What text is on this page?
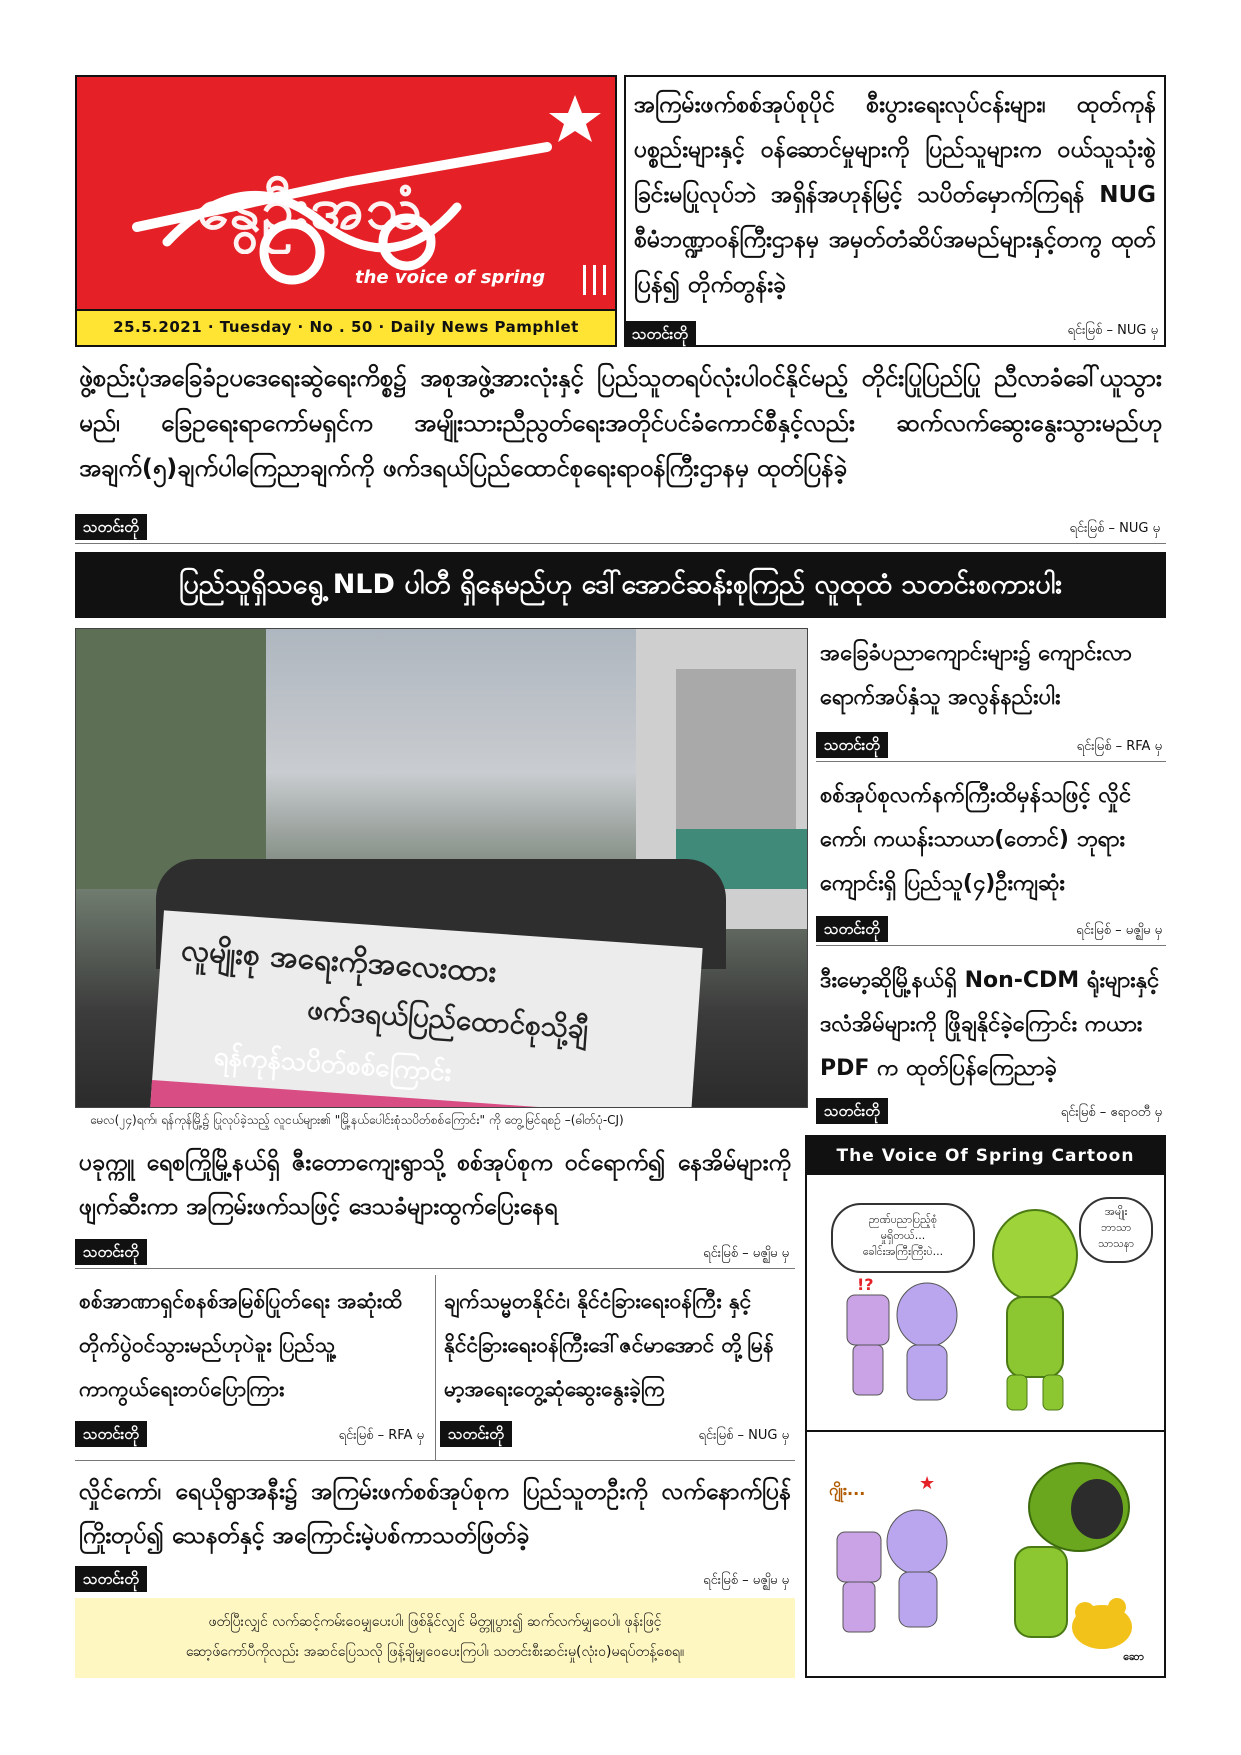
နွေဦးအသံ
the voice of spring
25.5.2021 · Tuesday · No . 50 · Daily News Pamphlet
အကြမ်းဖက်စစ်အုပ်စုပိုင် စီးပွားရေးလုပ်ငန်းများ၊ ထုတ်ကုန်ပစ္စည်းများနှင့် ဝန်ဆောင်မှုများကို ပြည်သူများက ဝယ်သူသုံးစွဲခြင်းမပြုလုပ်ဘဲ အရှိန်အဟုန်မြင့် သပိတ်မှောက်ကြရန် NUG စီမံဘဏ္ဍာဝန်ကြီးဌာနမှ အမှတ်တံဆိပ်အမည်များနှင့်တကွ ထုတ်ပြန်၍ တိုက်တွန်းခဲ့
သတင်းတို	ရင်းမြစ် – NUG မှ
ဖွဲ့စည်းပုံအခြေခံဥပဒေရေးဆွဲရေးကိစ္စ၌ အစုအဖွဲ့အားလုံးနှင့် ပြည်သူတရပ်လုံးပါဝင်နိုင်မည့် တိုင်းပြုပြည်ပြု ညီလာခံခေါ်ယူသွားမည်၊ ခြေဥရေးရာကော်မရှင်က အမျိုးသားညီညွတ်ရေးအတိုင်ပင်ခံကောင်စီနှင့်လည်း ဆက်လက်ဆွေးနွေးသွားမည်ဟု အချက်(၅)ချက်ပါကြေညာချက်ကို ဖက်ဒရယ်ပြည်ထောင်စုရေးရာဝန်ကြီးဌာနမှ ထုတ်ပြန်ခဲ့
သတင်းတို	ရင်းမြစ် – NUG မှ
ပြည်သူရှိသရွေ့ NLD ပါတီ ရှိနေမည်ဟု ဒေါ်အောင်ဆန်းစုကြည် လူထုထံ သတင်းစကားပါး
လူမျိုးစု အရေးကိုအလေးထား
ဖက်ဒရယ်ပြည်ထောင်စုသို့ချီ
ရန်ကုန်သပိတ်စစ်ကြောင်း
မေလ(၂၄)ရက်၊ ရန်ကုန်မြို့၌ ပြုလုပ်ခဲ့သည့် လူငယ်များ၏ "မြို့နယ်ပေါင်းစုံသပိတ်စစ်ကြောင်း" ကို တွေ့မြင်ရစဉ် –(ဓါတ်ပုံ-CJ)
အခြေခံပညာကျောင်းများ၌ ကျောင်းလာရောက်အပ်နှံသူ အလွန်နည်းပါး
သတင်းတို	ရင်းမြစ် – RFA မှ
စစ်အုပ်စုလက်နက်ကြီးထိမှန်သဖြင့် လှိုင်ကော်၊ ကယန်းသာယာ(တောင်) ဘုရားကျောင်းရှိ ပြည်သူ(၄)ဦးကျဆုံး
သတင်းတို	ရင်းမြစ် – မဇ္ဈိမ မှ
ဒီးမော့ဆိုမြို့နယ်ရှိ Non-CDM ရုံးများနှင့်ဒလံအိမ်များကို ဖြိုချနိုင်ခဲ့ကြောင်း ကယား PDF က ထုတ်ပြန်ကြေညာခဲ့
သတင်းတို	ရင်းမြစ် – ဧရာဝတီ မှ
ပခုက္ကူ ရေစကြိုမြို့နယ်ရှိ ဇီးတောကျေးရွာသို့ စစ်အုပ်စုက ဝင်ရောက်၍ နေအိမ်များကို ဖျက်ဆီးကာ အကြမ်းဖက်သဖြင့် ဒေသခံများထွက်ပြေးနေရ
သတင်းတို	ရင်းမြစ် – မဇ္ဈိမ မှ
စစ်အာဏာရှင်စနစ်အမြစ်ပြုတ်ရေး အဆုံးထိတိုက်ပွဲဝင်သွားမည်ဟုပဲခူး ပြည်သူ့ကာကွယ်ရေးတပ်ပြောကြား
သတင်းတို	ရင်းမြစ် – RFA မှ
ချက်သမ္မတနိုင်ငံ၊ နိုင်ငံခြားရေးဝန်ကြီး နှင့်နိုင်ငံခြားရေးဝန်ကြီးဒေါ်ဇင်မာအောင် တို့မြန်မာ့အရေးတွေ့ဆုံဆွေးနွေးခဲ့ကြ
သတင်းတို	ရင်းမြစ် – NUG မှ
လှိုင်ကော်၊ ရေယိုရွာအနီး၌ အကြမ်းဖက်စစ်အုပ်စုက ပြည်သူတဦးကို လက်နောက်ပြန်ကြိုးတုပ်၍ သေနတ်နှင့် အကြောင်းမဲ့ပစ်ကာသတ်ဖြတ်ခဲ့
သတင်းတို	ရင်းမြစ် – မဇ္ဈိမ မှ
ဖတ်ပြီးလျှင် လက်ဆင့်ကမ်းဝေမျှပေးပါ၊ ဖြစ်နိုင်လျှင် မိတ္တူပွား၍ ဆက်လက်မျှဝေပါ၊ ဖုန်းဖြင့်
ဆော့ဖ်ကော်ပီကိုလည်း အဆင်ပြေသလို ဖြန့်ချိမျှဝေပေးကြပါ၊ သတင်းစီးဆင်းမှု(လုံး၀)မရပ်တန့်စေရ။
The Voice Of Spring Cartoon
ဉာဏ်ပညာပြည့်စုံ
မှုရှိတယ်...
ခေါင်းအကြီးကြီးပဲ...
!?
အမျိုး
ဘာသာ
သာသနာ
ဂျိုး...	★
ဆော
